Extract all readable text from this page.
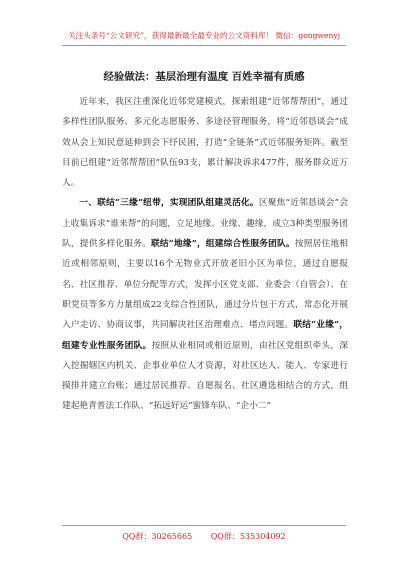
关注头条号“公文研究”，获得最新最全最专业的公文资料库！ 微信：gongwenyj
经验做法：基层治理有温度 百姓幸福有质感

近年来，我区注重深化近邻党建模式，探索组建“近邻帮帮团”，通过多样性团队服务、多元化志愿服务、多途径管理服务，将“近邻恳谈会”成效从会上知民意延伸到会下纾民困，打造“全链条”式近邻服务矩阵。截至目前已组建“近邻帮帮团”队伍93支，累计解决诉求477件，服务群众近万人。

一、联结“三缘”纽带，实现团队组建灵活化。区聚焦“近邻恳谈会”会上收集诉求“谁来帮”的问题，立足地缘、业缘、趣缘，成立3种类型服务团队，提供多样化服务。联结“地缘”，组建综合性服务团队。按照居住地相近或相邻原则，主要以16个无物业式开放老旧小区为单位，通过自愿报名、社区推荐、单位分配等方式，发挥小区党支部、业委会（自管会）、在职党员等多方力量组成22支综合性团队，通过分片包干方式，常态化开展入户走访、协商议事，共同解决社区治理难点、堵点问题。联结“业缘”，组建专业性服务团队。按照从业相同或相近原则，由社区党组织牵头，深入挖掘辖区内机关、企事业单位人才资源，对社区达人、能人、专家进行摸排并建立台账；通过居民推荐、自愿报名、社区遴选相结合的方式，组建起艳青普法工作队、“拓远好运”蜜锋车队、“企小二”

QQ群：30265665 QQ群：535304092
